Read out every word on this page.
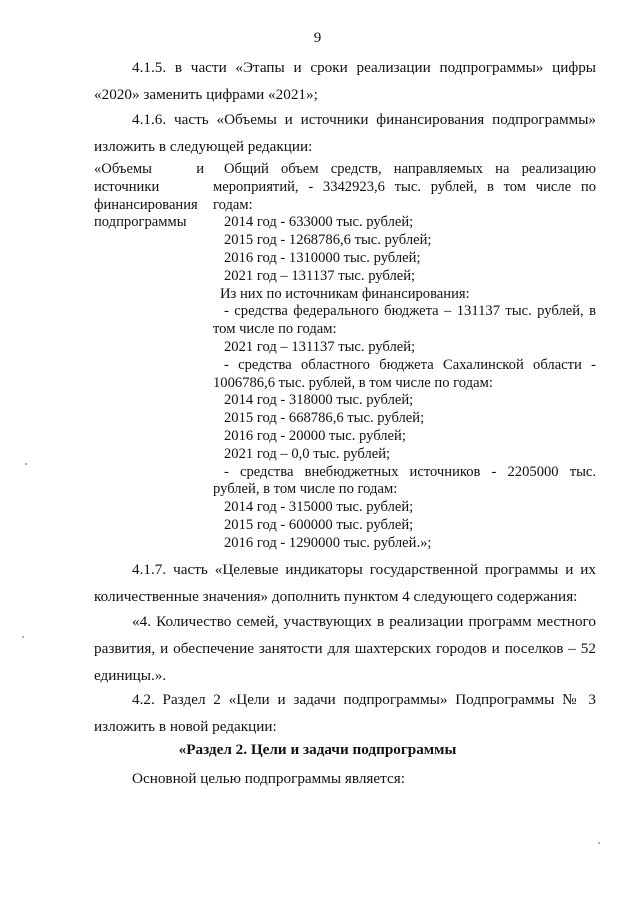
9
4.1.5. в части «Этапы и сроки реализации подпрограммы» цифры
«2020» заменить цифрами «2021»;
4.1.6. часть «Объемы и источники финансирования подпрограммы»
изложить в следующей редакции:
«Объемы	и
источники
финансирования
подпрограммы
Общий объем средств, направляемых на реализацию
мероприятий, - 3342923,6 тыс. рублей, в том числе по
годам:
2014 год - 633000 тыс. рублей;
2015 год - 1268786,6 тыс. рублей;
2016 год - 1310000 тыс. рублей;
2021 год – 131137 тыс. рублей;
Из них по источникам финансирования:
- средства федерального бюджета – 131137 тыс. рублей, в
том числе по годам:
2021 год – 131137 тыс. рублей;
- средства областного бюджета Сахалинской области -
1006786,6 тыс. рублей, в том числе по годам:
2014 год - 318000 тыс. рублей;
2015 год - 668786,6 тыс. рублей;
2016 год - 20000 тыс. рублей;
2021 год – 0,0 тыс. рублей;
- средства внебюджетных источников - 2205000 тыс.
рублей, в том числе по годам:
2014 год - 315000 тыс. рублей;
2015 год - 600000 тыс. рублей;
2016 год - 1290000 тыс. рублей.»;
4.1.7. часть «Целевые индикаторы государственной программы и их
количественные значения» дополнить пунктом 4 следующего содержания:
«4. Количество семей, участвующих в реализации программ местного
развития, и обеспечение занятости для шахтерских городов и поселков – 52
единицы.».
4.2. Раздел 2 «Цели и задачи подпрограммы» Подпрограммы № 3
изложить в новой редакции:
«Раздел 2. Цели и задачи подпрограммы
Основной целью подпрограммы является:
